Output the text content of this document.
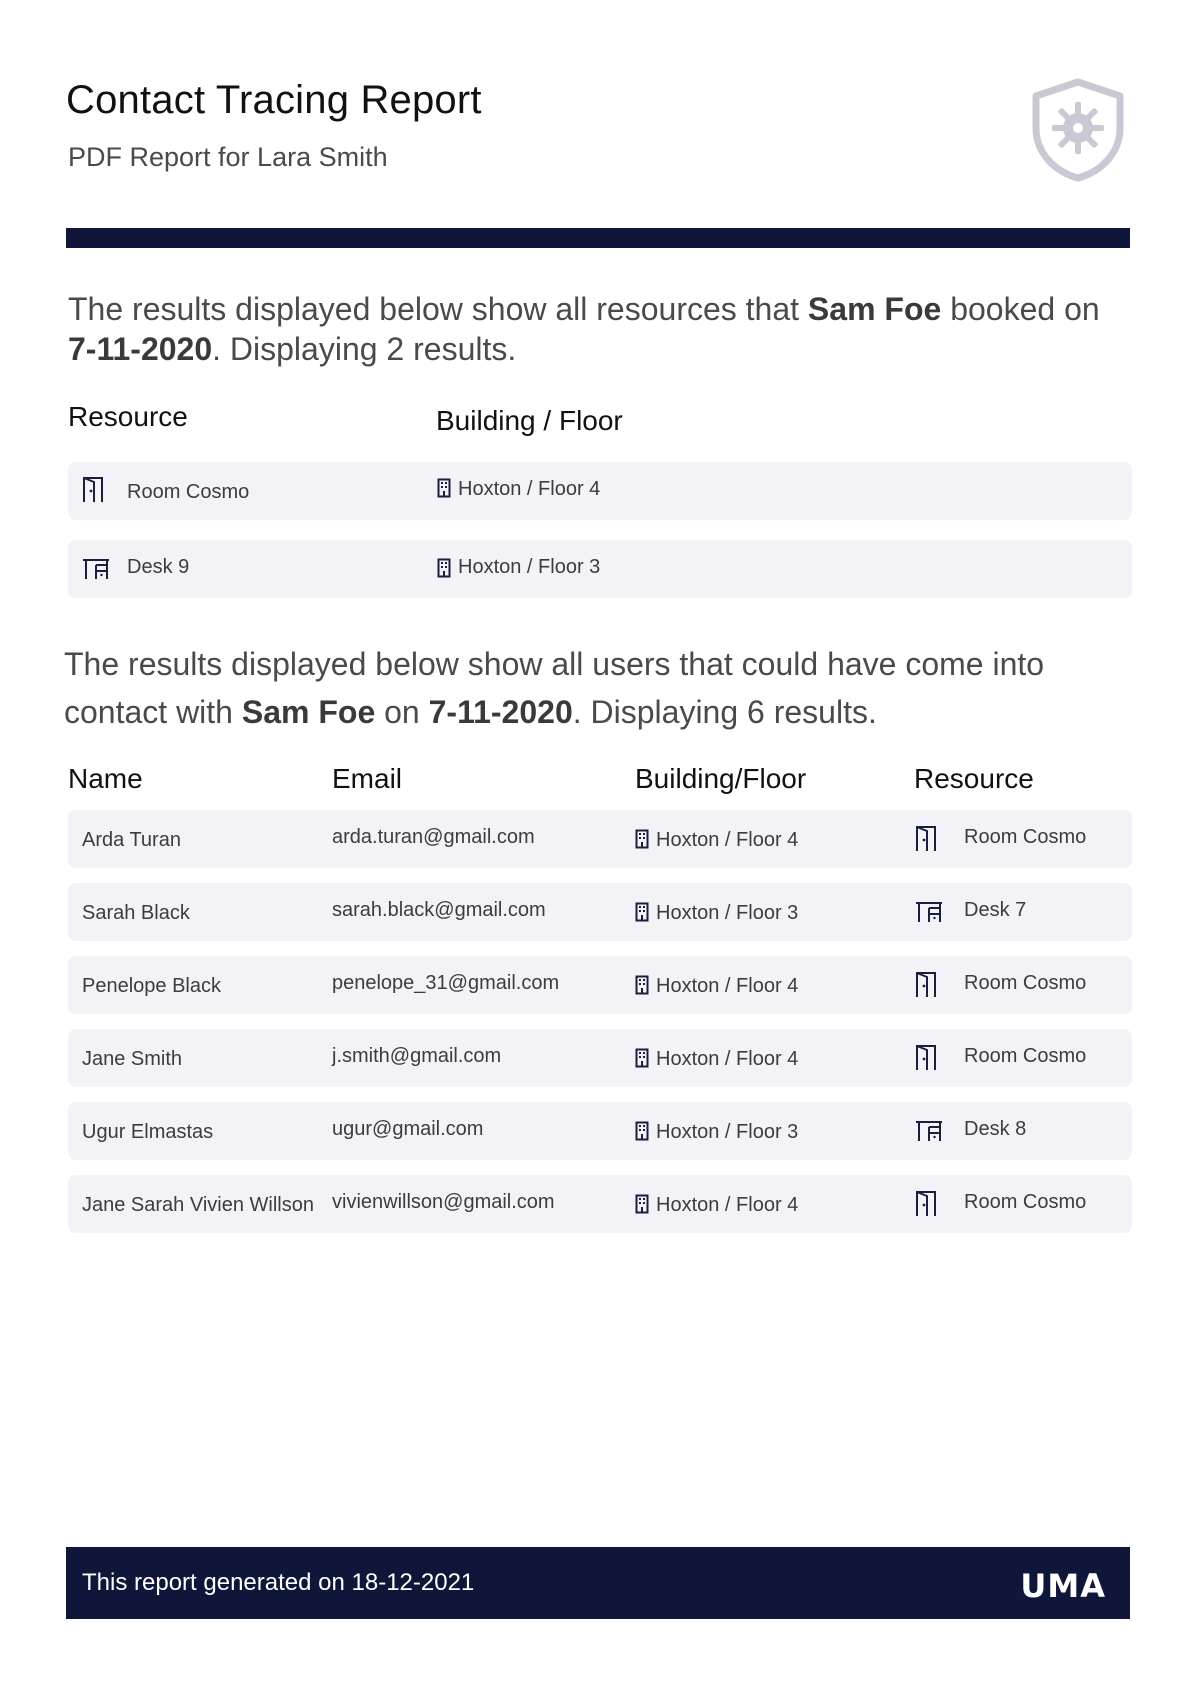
Contact Tracing Report
PDF Report for Lara Smith
The results displayed below show all resources that Sam Foe booked on 7-11-2020. Displaying 2 results.
Resource	Building / Floor
Room Cosmo	Hoxton / Floor 4
Desk 9	Hoxton / Floor 3
The results displayed below show all users that could have come into contact with Sam Foe on 7-11-2020. Displaying 6 results.
Name	Email	Building/Floor	Resource
Arda Turan	arda.turan@gmail.com	Hoxton / Floor 4	Room Cosmo
Sarah Black	sarah.black@gmail.com	Hoxton / Floor 3	Desk 7
Penelope Black	penelope_31@gmail.com	Hoxton / Floor 4	Room Cosmo
Jane Smith	j.smith@gmail.com	Hoxton / Floor 4	Room Cosmo
Ugur Elmastas	ugur@gmail.com	Hoxton / Floor 3	Desk 8
Jane Sarah Vivien Willson vivienwillson@gmail.com	Hoxton / Floor 4	Room Cosmo
This report generated on 18-12-2021	UMA
